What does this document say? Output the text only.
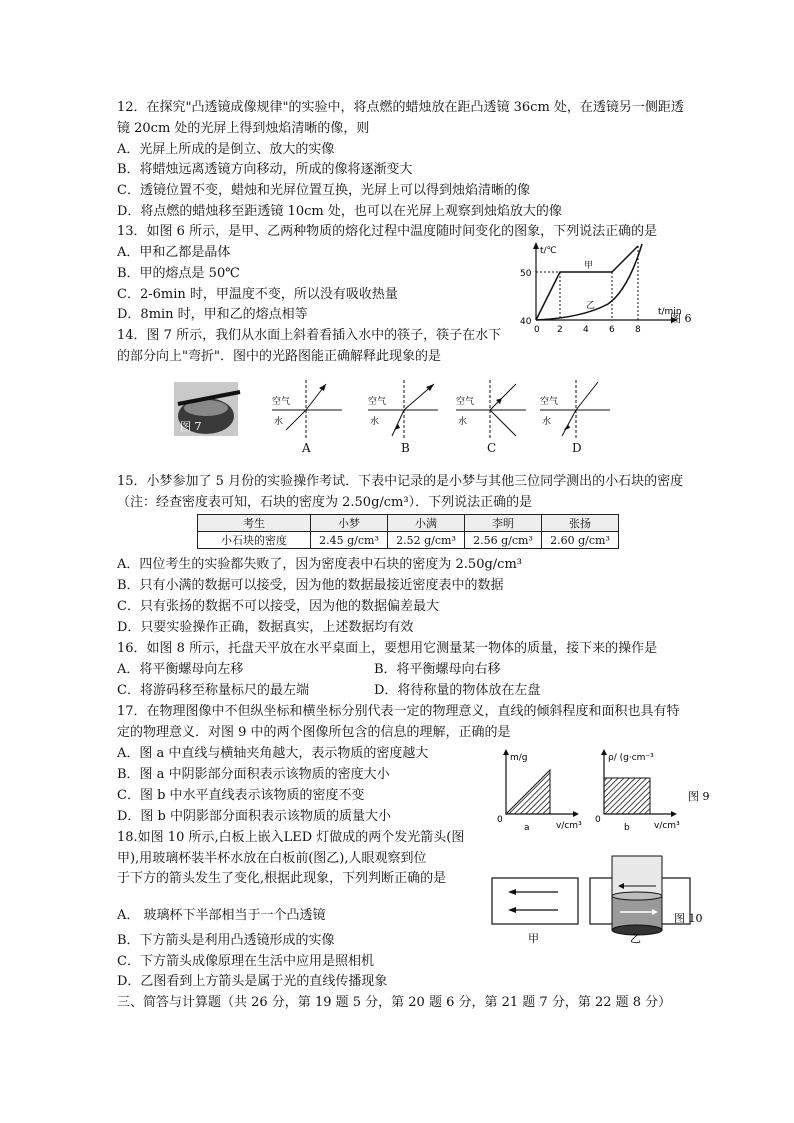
12．在探究"凸透镜成像规律"的实验中，将点燃的蜡烛放在距凸透镜 36cm 处，在透镜另一侧距透
镜 20cm 处的光屏上得到烛焰清晰的像，则
A．光屏上所成的是倒立、放大的实像
B．将蜡烛远离透镜方向移动，所成的像将逐渐变大
C．透镜位置不变，蜡烛和光屏位置互换，光屏上可以得到烛焰清晰的像
D．将点燃的蜡烛移至距透镜 10cm 处，也可以在光屏上观察到烛焰放大的像
13．如图 6 所示，是甲、乙两种物质的熔化过程中温度随时间变化的图象，下列说法正确的是
A．甲和乙都是晶体
B．甲的熔点是 50℃
C．2-6min 时，甲温度不变，所以没有吸收热量
D．8min 时，甲和乙的熔点相等
t/℃
t/min
50
40
0 2 4 6 8
甲
乙
图 6
14．图 7 所示，我们从水面上斜着看插入水中的筷子，筷子在水下
的部分向上"弯折"．图中的光路图能正确解释此现象的是
图 7
空气
水
空气
水
空气
水
空气
水
A	B	C	D
15．小梦参加了 5 月份的实验操作考试．下表中记录的是小梦与其他三位同学测出的小石块的密度
（注：经查密度表可知，石块的密度为 2.50g/cm³）．下列说法正确的是
考生	小梦	小满	李明	张扬
小石块的密度	2.45 g/cm³	2.52 g/cm³	2.56 g/cm³	2.60 g/cm³
A．四位考生的实验都失败了，因为密度表中石块的密度为 2.50g/cm³
B．只有小满的数据可以接受，因为他的数据最接近密度表中的数据
C．只有张扬的数据不可以接受，因为他的数据偏差最大
D．只要实验操作正确，数据真实，上述数据均有效
16．如图 8 所示，托盘天平放在水平桌面上，要想用它测量某一物体的质量，接下来的操作是
A．将平衡螺母向左移	B．将平衡螺母向右移
C．将游码移至称量标尺的最左端	D．将待称量的物体放在左盘
17．在物理图像中不但纵坐标和横坐标分别代表一定的物理意义，直线的倾斜程度和面积也具有特
定的物理意义．对图 9 中的两个图像所包含的信息的理解，正确的是
A．图 a 中直线与横轴夹角越大，表示物质的密度越大
B．图 a 中阴影部分面积表示该物质的密度大小
C．图 b 中水平直线表示该物质的密度不变
D．图 b 中阴影部分面积表示该物质的质量大小
m/g
v/cm³
0
a
ρ/ (g·cm⁻³
v/cm³
0
b
图 9
18.如图 10 所示,白板上嵌入LED 灯做成的两个发光箭头(图
甲),用玻璃杯装半杯水放在白板前(图乙),人眼观察到位
于下方的箭头发生了变化,根据此现象，下列判断正确的是
A． 玻璃杯下半部相当于一个凸透镜
B．下方箭头是利用凸透镜形成的实像
C．下方箭头成像原理在生活中应用是照相机
D．乙图看到上方箭头是属于光的直线传播现象
甲	乙
图 10
三、简答与计算题（共 26 分，第 19 题 5 分，第 20 题 6 分，第 21 题 7 分，第 22 题 8 分）
